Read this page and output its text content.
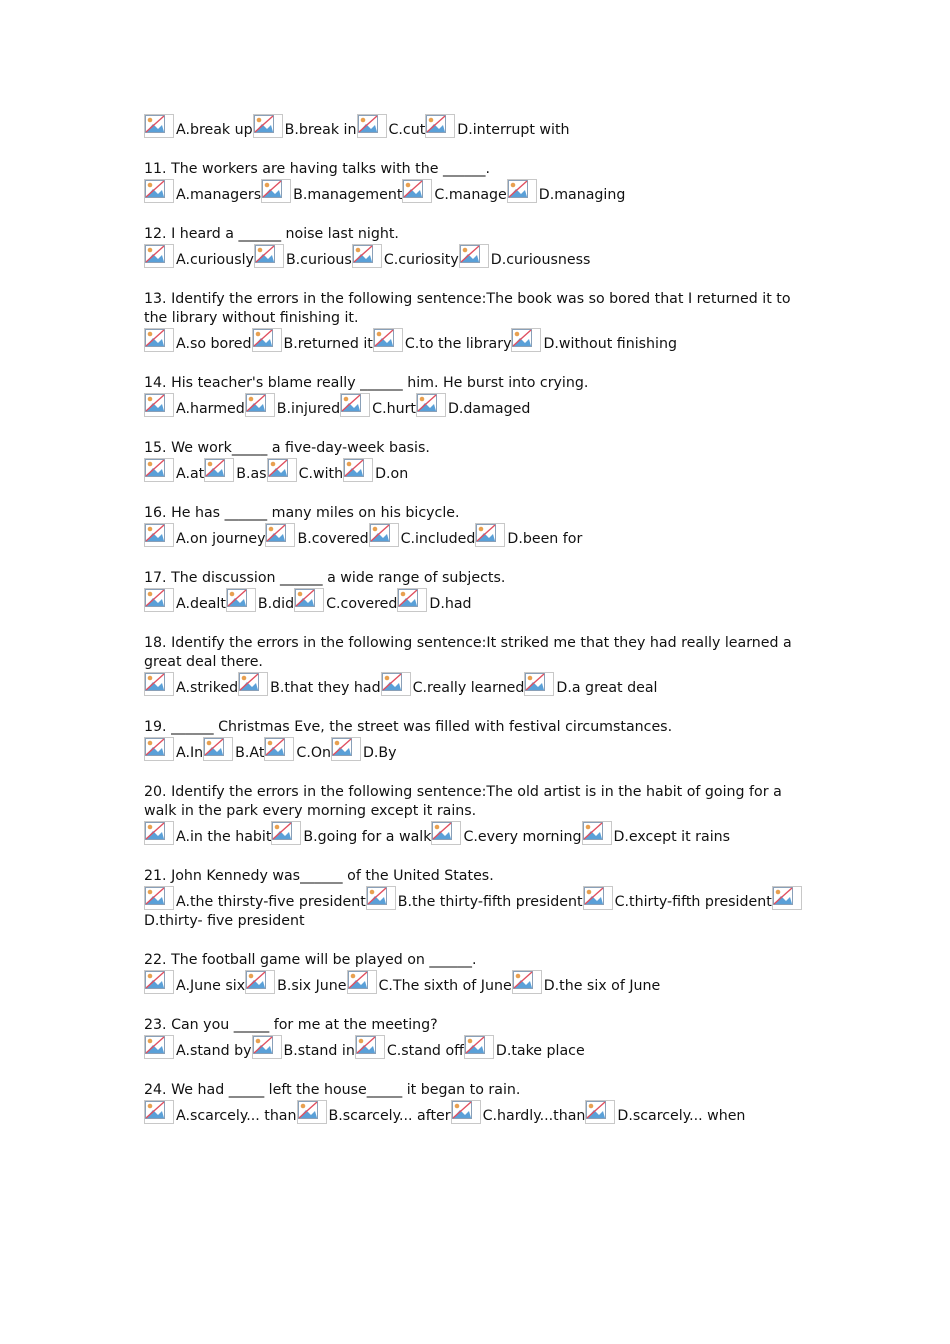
A.break up B.break in C.cut D.interrupt with
11. The workers are having talks with the ______.
A.managers B.management C.manage D.managing
12. I heard a ______ noise last night.
A.curiously B.curious C.curiosity D.curiousness
13. Identify the errors in the following sentence:The book was so bored that I returned it to the library without finishing it.
A.so bored B.returned it C.to the library D.without finishing
14. His teacher's blame really ______ him. He burst into crying.
A.harmed B.injured C.hurt D.damaged
15. We work_____ a five-day-week basis.
A.at B.as C.with D.on
16. He has ______ many miles on his bicycle.
A.on journey B.covered C.included D.been for
17. The discussion ______ a wide range of subjects.
A.dealt B.did C.covered D.had
18. Identify the errors in the following sentence:It striked me that they had really learned a great deal there.
A.striked B.that they had C.really learned D.a great deal
19. ______ Christmas Eve, the street was filled with festival circumstances.
A.In B.At C.On D.By
20. Identify the errors in the following sentence:The old artist is in the habit of going for a walk in the park every morning except it rains.
A.in the habit B.going for a walk C.every morning D.except it rains
21. John Kennedy was______ of the United States.
A.the thirsty-five president B.the thirty-fifth president C.thirty-fifth president
D.thirty- five president
22. The football game will be played on ______.
A.June six B.six June C.The sixth of June D.the six of June
23. Can you _____ for me at the meeting?
A.stand by B.stand in C.stand off D.take place
24. We had _____ left the house_____ it began to rain.
A.scarcely... than B.scarcely... after C.hardly...than D.scarcely... when
